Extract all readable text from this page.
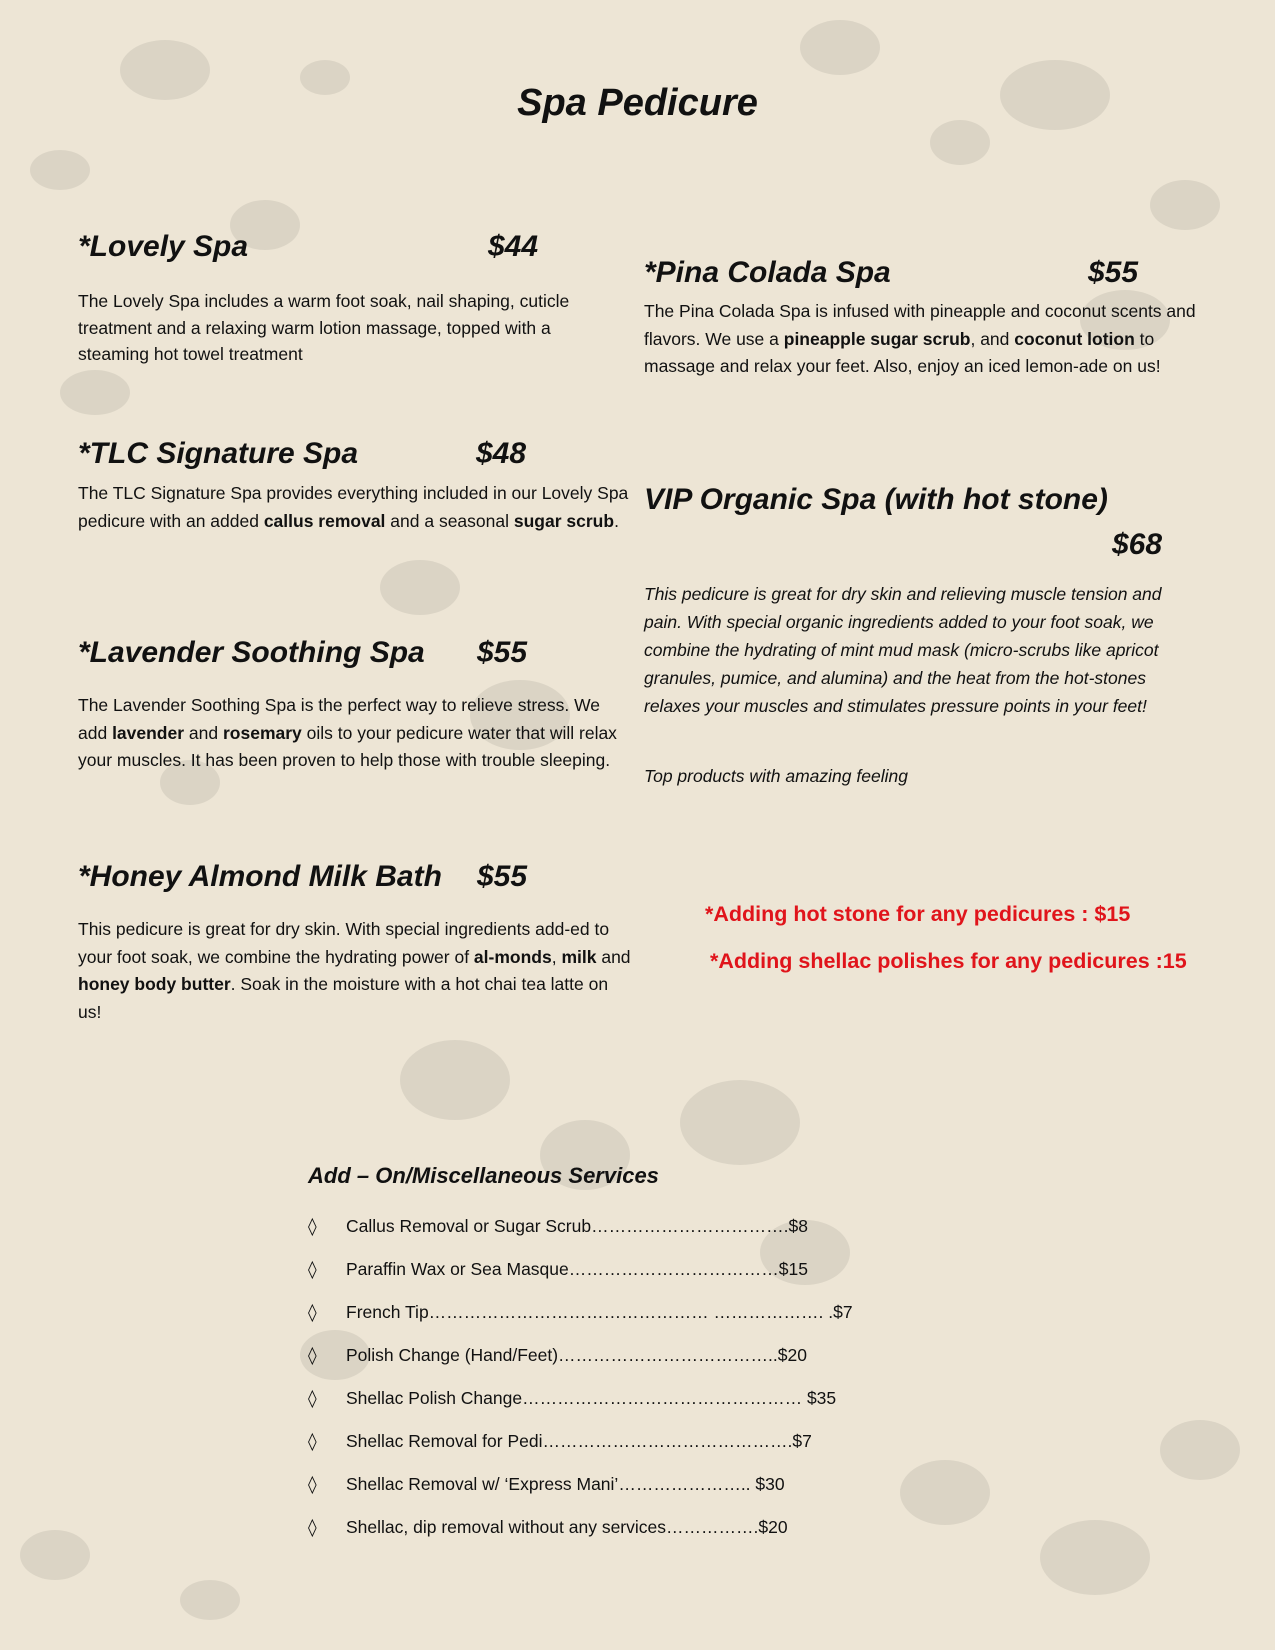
Spa Pedicure
*Lovely Spa	$44
The Lovely Spa includes a warm foot soak, nail shaping, cuticle treatment and a relaxing warm lotion massage, topped with a steaming hot towel treatment
*TLC Signature Spa	$48
The TLC Signature Spa provides everything included in our Lovely Spa pedicure with an added callus removal and a seasonal sugar scrub.
*Lavender Soothing Spa $55
The Lavender Soothing Spa is the perfect way to relieve stress. We add lavender and rosemary oils to your pedicure water that will relax your muscles. It has been proven to help those with trouble sleeping.
*Honey Almond Milk Bath $55
This pedicure is great for dry skin. With special ingredients add-ed to your foot soak, we combine the hydrating power of al-monds, milk and honey body butter. Soak in the moisture with a hot chai tea latte on us!
*Pina Colada Spa	$55
The Pina Colada Spa is infused with pineapple and coconut scents and flavors. We use a pineapple sugar scrub, and coconut lotion to massage and relax your feet. Also, enjoy an iced lemon-ade on us!
VIP Organic Spa (with hot stone)
$68
This pedicure is great for dry skin and relieving muscle tension and pain. With special organic ingredients added to your foot soak, we combine the hydrating of mint mud mask (micro-scrubs like apricot granules, pumice, and alumina) and the heat from the hot-stones relaxes your muscles and stimulates pressure points in your feet!
Top products with amazing feeling
*Adding hot stone for any pedicures : $15
*Adding shellac polishes for any pedicures :15
Add – On/Miscellaneous Services
◊ Callus Removal or Sugar Scrub…………………………….$8
◊ Paraffin Wax or Sea Masque………………………………$15
◊ French Tip………………………………………… ………………. .$7
◊ Polish Change (Hand/Feet)………………………………..$20
◊ Shellac Polish Change………………………………………… $35
◊ Shellac Removal for Pedi…………………………………….$7
◊ Shellac Removal w/ ‘Express Mani’………………….. $30
◊ Shellac, dip removal without any services…………….$20
